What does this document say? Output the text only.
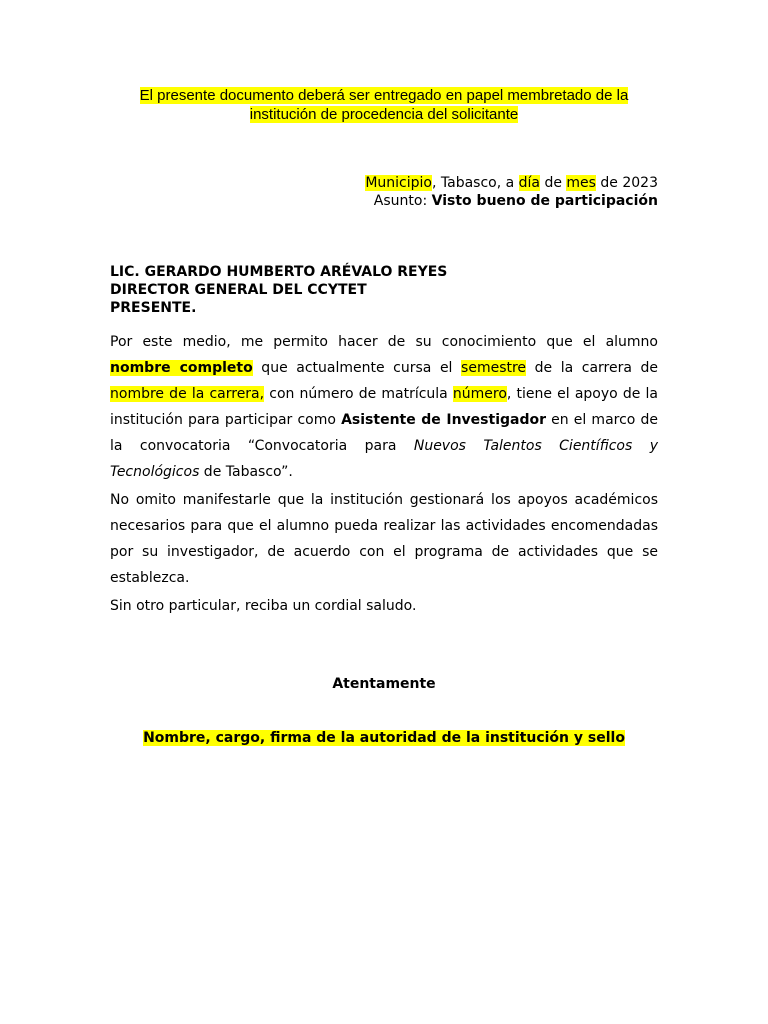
El presente documento deberá ser entregado en papel membretado de la
institución de procedencia del solicitante
Municipio, Tabasco, a día de mes de 2023
Asunto: Visto bueno de participación
LIC. GERARDO HUMBERTO ARÉVALO REYES
DIRECTOR GENERAL DEL CCYTET
PRESENTE.
Por este medio, me permito hacer de su conocimiento que el alumno nombre completo que actualmente cursa el semestre de la carrera de nombre de la carrera, con número de matrícula número, tiene el apoyo de la institución para participar como Asistente de Investigador en el marco de la convocatoria “Convocatoria para Nuevos Talentos Científicos y Tecnológicos de Tabasco”.
No omito manifestarle que la institución gestionará los apoyos académicos necesarios para que el alumno pueda realizar las actividades encomendadas por su investigador, de acuerdo con el programa de actividades que se establezca.
Sin otro particular, reciba un cordial saludo.
Atentamente
Nombre, cargo, firma de la autoridad de la institución y sello
